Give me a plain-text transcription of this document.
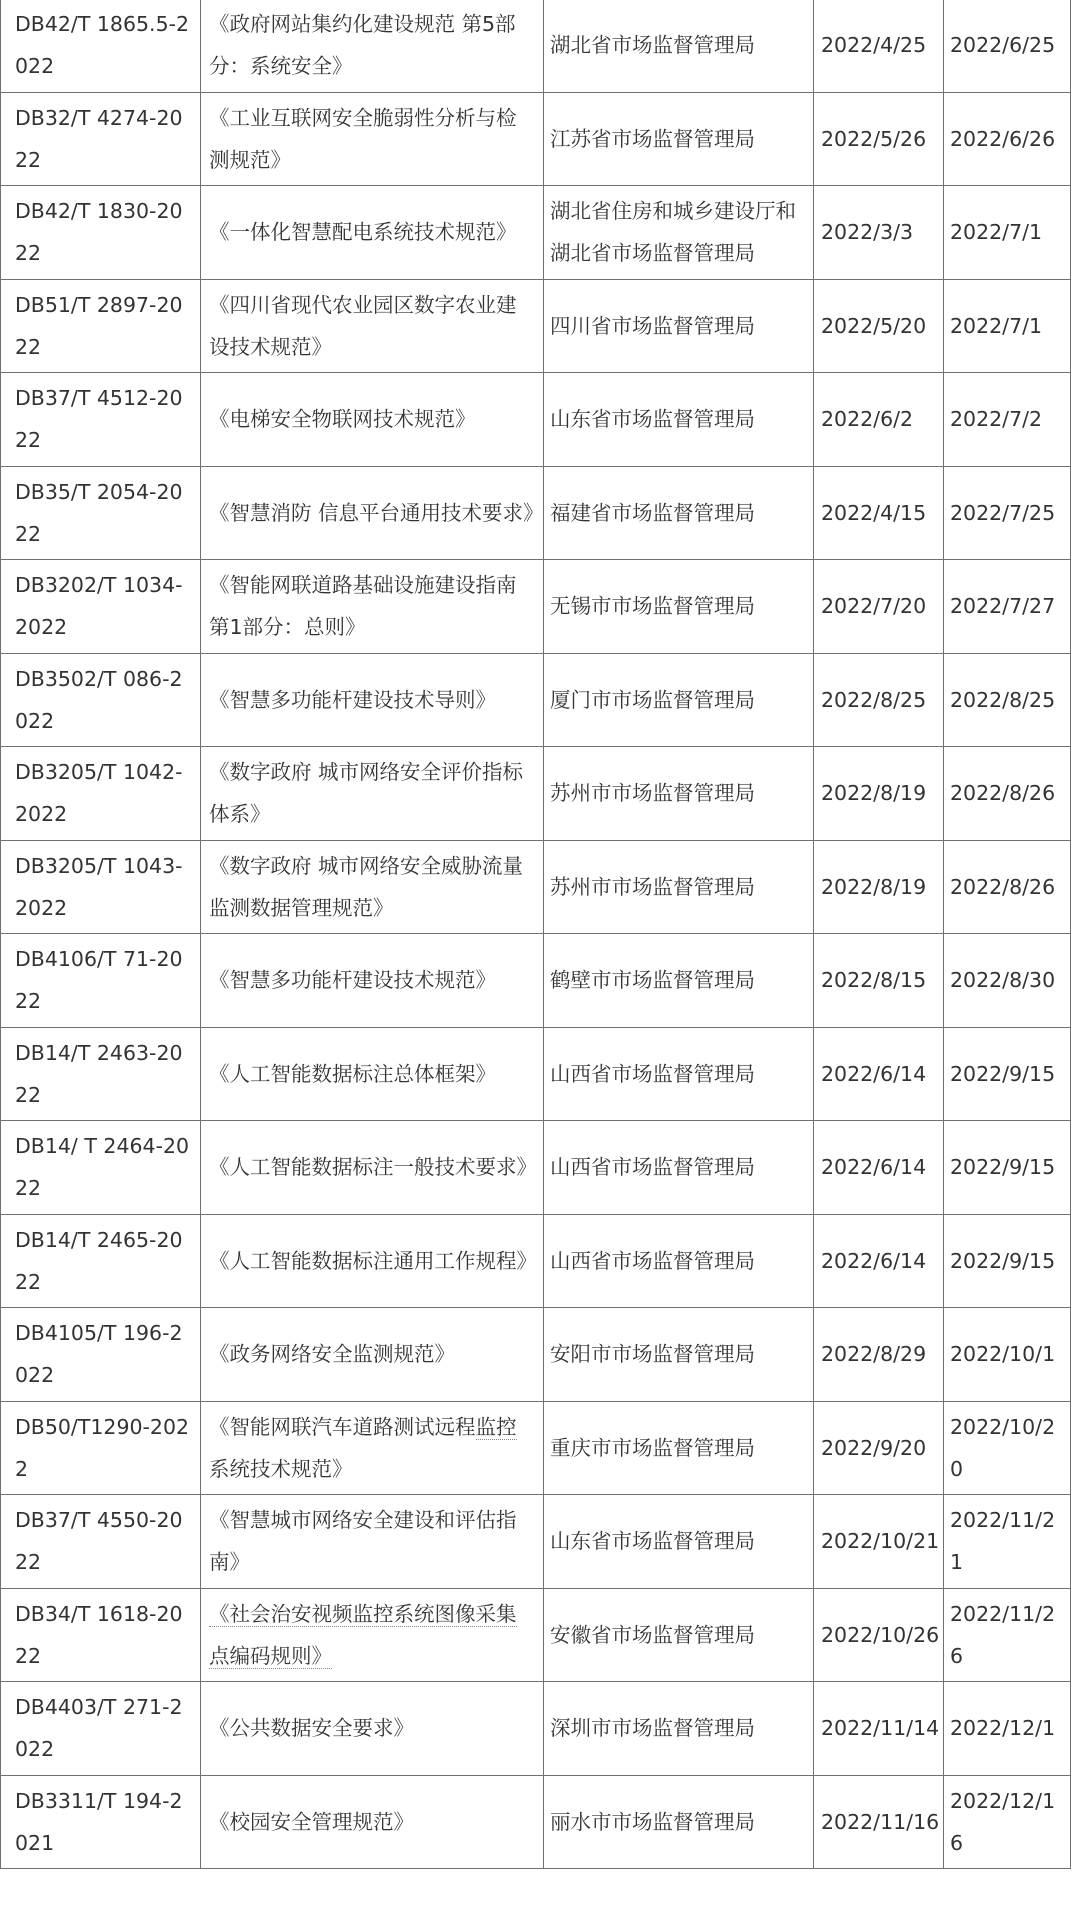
DB42/T 1865.5-2022	《政府网站集约化建设规范 第5部分：系统安全》	湖北省市场监督管理局	2022/4/25	2022/6/25
DB32/T 4274-2022	《工业互联网安全脆弱性分析与检测规范》	江苏省市场监督管理局	2022/5/26	2022/6/26
DB42/T 1830-2022	《一体化智慧配电系统技术规范》	湖北省住房和城乡建设厅和湖北省市场监督管理局	2022/3/3	2022/7/1
DB51/T 2897-2022	《四川省现代农业园区数字农业建设技术规范》	四川省市场监督管理局	2022/5/20	2022/7/1
DB37/T 4512-2022	《电梯安全物联网技术规范》	山东省市场监督管理局	2022/6/2	2022/7/2
DB35/T 2054-2022	《智慧消防 信息平台通用技术要求》	福建省市场监督管理局	2022/4/15	2022/7/25
DB3202/T 1034-2022	《智能网联道路基础设施建设指南 第1部分：总则》	无锡市市场监督管理局	2022/7/20	2022/7/27
DB3502/T 086-2022	《智慧多功能杆建设技术导则》	厦门市市场监督管理局	2022/8/25	2022/8/25
DB3205/T 1042-2022	《数字政府 城市网络安全评价指标体系》	苏州市市场监督管理局	2022/8/19	2022/8/26
DB3205/T 1043-2022	《数字政府 城市网络安全威胁流量监测数据管理规范》	苏州市市场监督管理局	2022/8/19	2022/8/26
DB4106/T 71-2022	《智慧多功能杆建设技术规范》	鹤壁市市场监督管理局	2022/8/15	2022/8/30
DB14/T 2463-2022	《人工智能数据标注总体框架》	山西省市场监督管理局	2022/6/14	2022/9/15
DB14/ T 2464-2022	《人工智能数据标注一般技术要求》	山西省市场监督管理局	2022/6/14	2022/9/15
DB14/T 2465-2022	《人工智能数据标注通用工作规程》	山西省市场监督管理局	2022/6/14	2022/9/15
DB4105/T 196-2022	《政务网络安全监测规范》	安阳市市场监督管理局	2022/8/29	2022/10/1
DB50/T1290-2022	《智能网联汽车道路测试远程监控系统技术规范》	重庆市市场监督管理局	2022/9/20	2022/10/20
DB37/T 4550-2022	《智慧城市网络安全建设和评估指南》	山东省市场监督管理局	2022/10/21	2022/11/21
DB34/T 1618-2022	《社会治安视频监控系统图像采集点编码规则》	安徽省市场监督管理局	2022/10/26	2022/11/26
DB4403/T 271-2022	《公共数据安全要求》	深圳市市场监督管理局	2022/11/14	2022/12/1
DB3311/T 194-2021	《校园安全管理规范》	丽水市市场监督管理局	2022/11/16	2022/12/16
